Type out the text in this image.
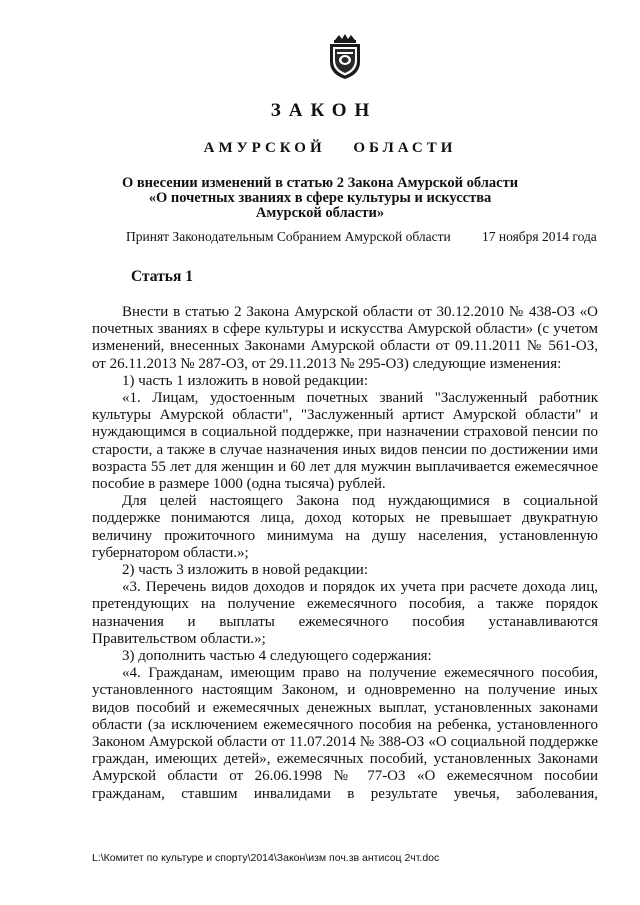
ЗАКОН
АМУРСКОЙ ОБЛАСТИ
О внесении изменений в статью 2 Закона Амурской области
«О почетных званиях в сфере культуры и искусства
Амурской области»
Принят Законодательным Собранием Амурской области 17 ноября 2014 года
Статья 1

Внести в статью 2 Закона Амурской области от 30.12.2010 № 438-ОЗ «О почетных званиях в сфере культуры и искусства Амурской области» (с учетом изменений, внесенных Законами Амурской области от 09.11.2011 № 561-ОЗ, от 26.11.2013 № 287-ОЗ, от 29.11.2013 № 295-ОЗ) следующие изменения:

1) часть 1 изложить в новой редакции:

«1. Лицам, удостоенным почетных званий "Заслуженный работник культуры Амурской области", "Заслуженный артист Амурской области" и нуждающимся в социальной поддержке, при назначении страховой пенсии по старости, а также в случае назначения иных видов пенсии по достижении ими возраста 55 лет для женщин и 60 лет для мужчин выплачивается ежемесячное пособие в размере 1000 (одна тысяча) рублей.

Для целей настоящего Закона под нуждающимися в социальной поддержке понимаются лица, доход которых не превышает двукратную величину прожиточного минимума на душу населения, установленную губернатором области.»;

2) часть 3 изложить в новой редакции:

«3. Перечень видов доходов и порядок их учета при расчете дохода лиц, претендующих на получение ежемесячного пособия, а также порядок назначения и выплаты ежемесячного пособия устанавливаются Правительством области.»;

3) дополнить частью 4 следующего содержания:

«4. Гражданам, имеющим право на получение ежемесячного пособия, установленного настоящим Законом, и одновременно на получение иных видов пособий и ежемесячных денежных выплат, установленных законами области (за исключением ежемесячного пособия на ребенка, установленного Законом Амурской области от 11.07.2014 № 388-ОЗ «О социальной поддержке граждан, имеющих детей», ежемесячных пособий, установленных Законами Амурской области от 26.06.1998 № 77-ОЗ «О ежемесячном пособии гражданам, ставшим инвалидами в результате увечья, заболевания,

L:\Комитет по культуре и спорту\2014\Закон\изм поч.зв антисоц 2чт.doc
